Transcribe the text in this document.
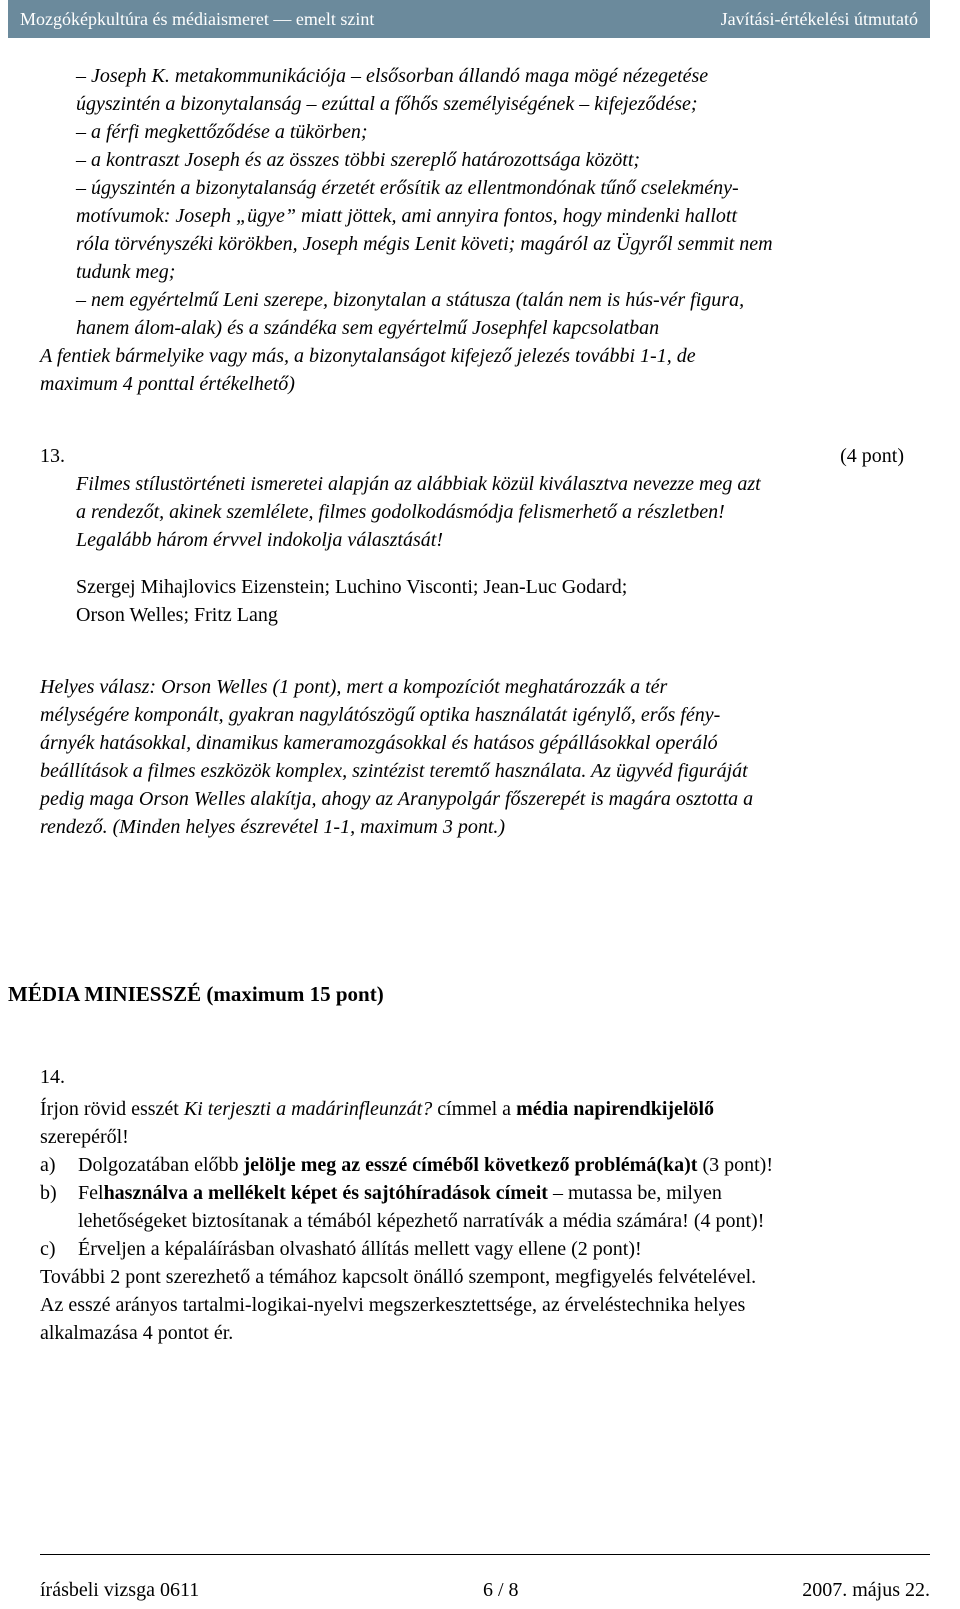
Mozgóképkultúra és médiaismeret — emelt szint	Javítási-értékelési útmutató
– Joseph K. metakommunikációja – elsősorban állandó maga mögé nézegetése
úgyszintén a bizonytalanság – ezúttal a főhős személyiségének – kifejeződése;
– a férfi megkettőződése a tükörben;
– a kontraszt Joseph és az összes többi szereplő határozottsága között;
– úgyszintén a bizonytalanság érzetét erősítik az ellentmondónak tűnő cselekmény-
motívumok: Joseph „ügye” miatt jöttek, ami annyira fontos, hogy mindenki hallott
róla törvényszéki körökben, Joseph mégis Lenit követi; magáról az Ügyről semmit nem
tudunk meg;
– nem egyértelmű Leni szerepe, bizonytalan a státusza (talán nem is hús-vér figura,
hanem álom-alak) és a szándéka sem egyértelmű Josephfel kapcsolatban
A fentiek bármelyike vagy más, a bizonytalanságot kifejező jelezés további 1-1, de
maximum 4 ponttal értékelhető)
13.	(4 pont)
Filmes stílustörténeti ismeretei alapján az alábbiak közül kiválasztva nevezze meg azt
a rendezőt, akinek szemlélete, filmes godolkodásmódja felismerhető a részletben!
Legalább három érvvel indokolja választását!
Szergej Mihajlovics Eizenstein; Luchino Visconti; Jean-Luc Godard;
Orson Welles; Fritz Lang
Helyes válasz: Orson Welles (1 pont), mert a kompozíciót meghatározzák a tér
mélységére komponált, gyakran nagylátószögű optika használatát igénylő, erős fény-
árnyék hatásokkal, dinamikus kameramozgásokkal és hatásos gépállásokkal operáló
beállítások a filmes eszközök komplex, szintézist teremtő használata. Az ügyvéd figuráját
pedig maga Orson Welles alakítja, ahogy az Aranypolgár főszerepét is magára osztotta a
rendező. (Minden helyes észrevétel 1-1, maximum 3 pont.)
MÉDIA MINIESSZÉ (maximum 15 pont)
14.
Írjon rövid esszét Ki terjeszti a madárinfleunzát? címmel a média napirendkijelölő
szerepéről!
a)	Dolgozatában előbb jelölje meg az esszé címéből következő problémá(ka)t (3 pont)!
b)	Felhasználva a mellékelt képet és sajtóhíradások címeit – mutassa be, milyen
lehetőségeket biztosítanak a témából képezhető narratívák a média számára! (4 pont)!
c)	Érveljen a képaláírásban olvasható állítás mellett vagy ellene (2 pont)!
További 2 pont szerezhető a témához kapcsolt önálló szempont, megfigyelés felvételével.
Az esszé arányos tartalmi-logikai-nyelvi megszerkesztettsége, az érveléstechnika helyes
alkalmazása 4 pontot ér.
írásbeli vizsga 0611	6 / 8	2007. május 22.
